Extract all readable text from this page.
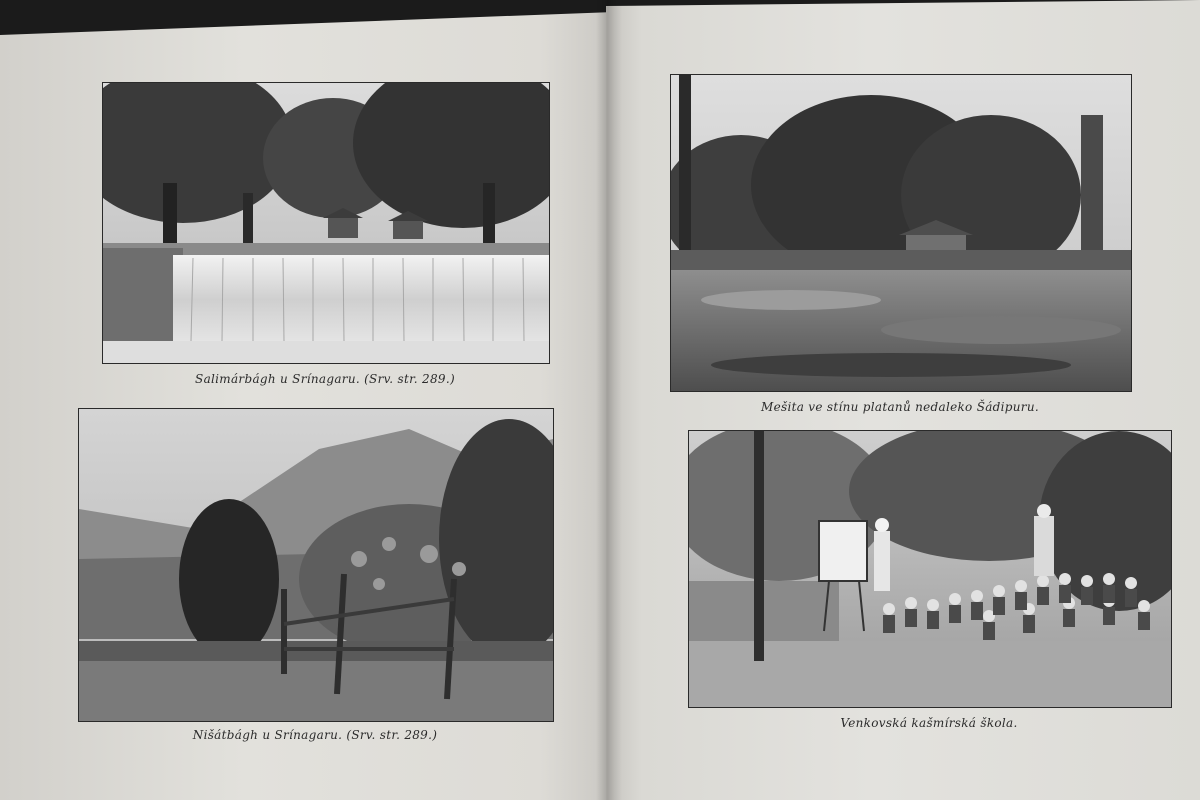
Salimárbágh u Srínagaru. (Srv. str. 289.)
Nišátbágh u Srínagaru. (Srv. str. 289.)
Mešita ve stínu platanů nedaleko Šádipuru.
Venkovská kašmírská škola.
